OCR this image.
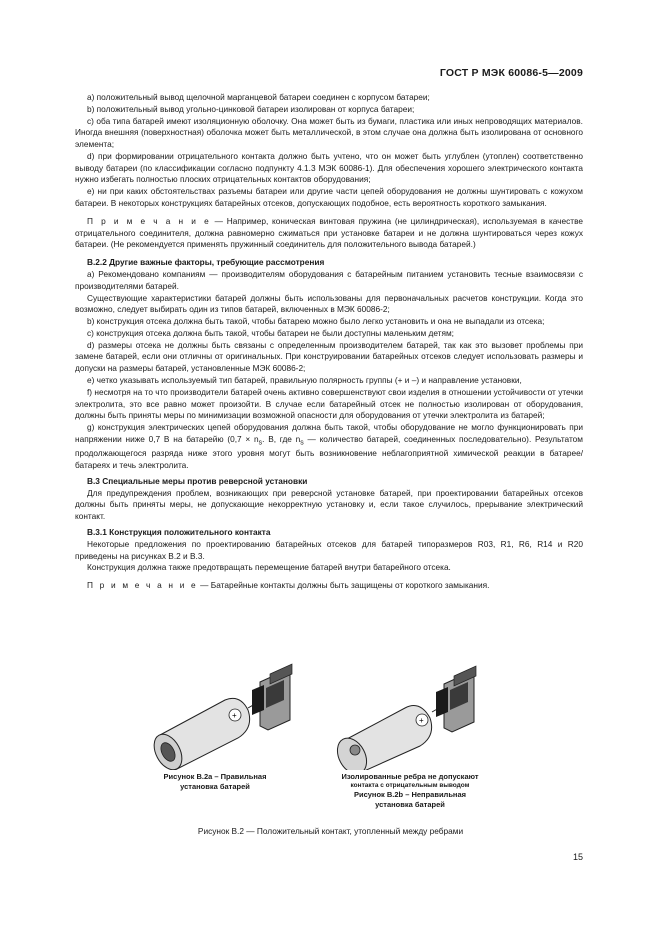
ГОСТ Р МЭК 60086-5—2009

а) положительный вывод щелочной марганцевой батареи соединен с корпусом батареи;

b) положительный вывод угольно-цинковой батареи изолирован от корпуса батареи;

с) оба типа батарей имеют изоляционную оболочку. Она может быть из бумаги, пластика или иных непроводящих материалов. Иногда внешняя (поверхностная) оболочка может быть металлической, в этом случае она должна быть изолирована от основного элемента;

d) при формировании отрицательного контакта должно быть учтено, что он может быть углублен (утоплен) соответственно выводу батареи (по классификации согласно подпункту 4.1.3 МЭК 60086-1). Для обеспечения хорошего электрического контакта нужно избегать полностью плоских отрицательных контактов оборудования;

е) ни при каких обстоятельствах разъемы батареи или другие части цепей оборудования не должны шунтировать с кожухом батареи. В некоторых конструкциях батарейных отсеков, допускающих подобное, есть вероятность короткого замыкания.

П р и м е ч а н и е — Например, коническая винтовая пружина (не цилиндрическая), используемая в качестве отрицательного соединителя, должна равномерно сжиматься при установке батареи и не должна шунтироваться через кожух батареи. (Не рекомендуется применять пружинный соединитель для положительного вывода батарей.)

В.2.2 Другие важные факторы, требующие рассмотрения

а) Рекомендовано компаниям — производителям оборудования с батарейным питанием установить тесные взаимосвязи с производителями батарей.

Существующие характеристики батарей должны быть использованы для первоначальных расчетов конструкции. Когда это возможно, следует выбирать один из типов батарей, включенных в МЭК 60086-2;

b) конструкция отсека должна быть такой, чтобы батарею можно было легко установить и она не выпадали из отсека;

с) конструкция отсека должна быть такой, чтобы батареи не были доступны маленьким детям;

d) размеры отсека не должны быть связаны с определенным производителем батарей, так как это вызовет проблемы при замене батарей, если они отличны от оригинальных. При конструировании батарейных отсеков следует использовать размеры и допуски на размеры батарей, установленные МЭК 60086-2;

е) четко указывать используемый тип батарей, правильную полярность группы (+ и –) и направление установки,

f) несмотря на то что производители батарей очень активно совершенствуют свои изделия в отношении устойчивости от утечки электролита, это все равно может произойти. В случае если батарейный отсек не полностью изолирован от оборудования, должны быть приняты меры по минимизации возможной опасности для оборудования от утечки электролита из батарей;

g) конструкция электрических цепей оборудования должна быть такой, чтобы оборудование не могло функционировать при напряжении ниже 0,7 В на батарейю ($0,7 \times n_s$. В, где $n_s$ — количество батарей, соединенных последовательно). Результатом продолжающегося разряда ниже этого уровня могут быть возникновение неблагоприятной химической реакции в батарее/батареях и течь электролита.

В.3 Специальные меры против реверсной установки

Для предупреждения проблем, возникающих при реверсной установке батарей, при проектировании батарейных отсеков должны быть приняты меры, не допускающие некорректную установку и, если такое случилось, прерывание электрический контакт.

В.3.1 Конструкция положительного контакта

Некоторые предложения по проектированию батарейных отсеков для батарей типоразмеров R03, R1, R6, R14 и R20 приведены на рисунках В.2 и В.3.

Конструкция должна также предотвращать перемещение батарей внутри батарейного отсека.

П р и м е ч а н и е — Батарейные контакты должны быть защищены от короткого замыкания.

+
+
Рисунок В.2а – Правильная
установка батарей
Изолированные ребра не допускают
контакта с отрицательным выводом
Рисунок В.2b – Неправильная
установка батарей
Рисунок В.2 — Положительный контакт, утопленный между ребрами
15
